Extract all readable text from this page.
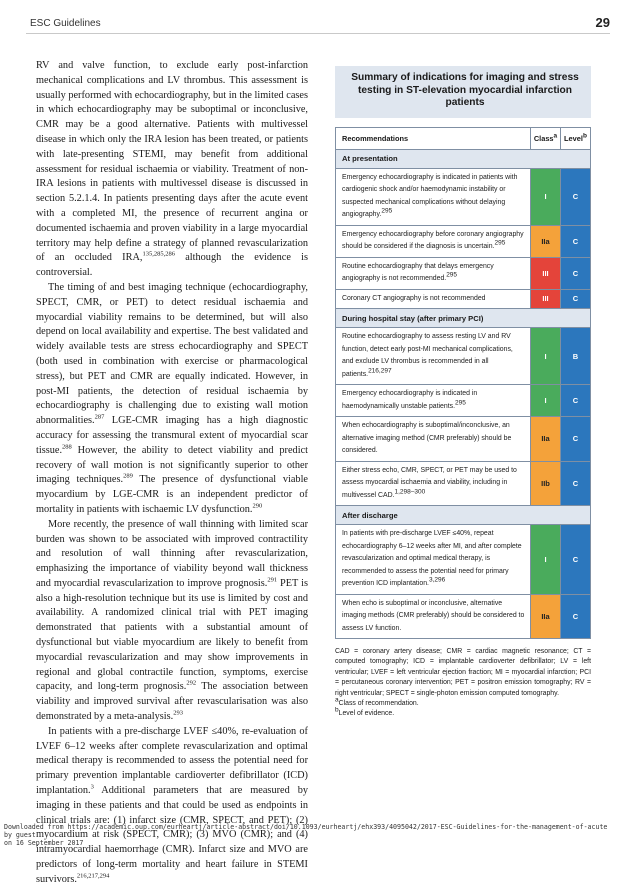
ESC Guidelines	29

RV and valve function, to exclude early post-infarction mechanical complications and LV thrombus. This assessment is usually performed with echocardiography, but in the limited cases in which echocardiography may be suboptimal or inconclusive, CMR may be a good alternative. Patients with multivessel disease in which only the IRA lesion has been treated, or patients with late-presenting STEMI, may benefit from additional assessment for residual ischaemia or viability. Treatment of non-IRA lesions in patients with multivessel disease is discussed in section 5.2.1.4. In patients presenting days after the acute event with a completed MI, the presence of recurrent angina or documented ischaemia and proven viability in a large myocardial territory may help define a strategy of planned revascularization of an occluded IRA,$^{135,285,286}$ although the evidence is controversial.

The timing of and best imaging technique (echocardiography, SPECT, CMR, or PET) to detect residual ischaemia and myocardial viability remains to be determined, but will also depend on local availability and expertise. The best validated and widely available tests are stress echocardiography and SPECT (both used in combination with exercise or pharmacological stress), but PET and CMR are equally indicated. However, in post-MI patients, the detection of residual ischaemia by echocardiography is challenging due to existing wall motion abnormalities.$^{287}$ LGE-CMR imaging has a high diagnostic accuracy for assessing the transmural extent of myocardial scar tissue.$^{288}$ However, the ability to detect viability and predict recovery of wall motion is not significantly superior to other imaging techniques.$^{289}$ The presence of dysfunctional viable myocardium by LGE-CMR is an independent predictor of mortality in patients with ischaemic LV dysfunction.$^{290}$

More recently, the presence of wall thinning with limited scar burden was shown to be associated with improved contractility and resolution of wall thinning after revascularization, emphasizing the importance of viability beyond wall thickness and myocardial revascularization to improve prognosis.$^{291}$ PET is also a high-resolution technique but its use is limited by cost and availability. A randomized clinical trial with PET imaging demonstrated that patients with a substantial amount of dysfunctional but viable myocardium are likely to benefit from myocardial revascularization and may show improvements in regional and global contractile function, symptoms, exercise capacity, and long-term prognosis.$^{292}$ The association between viability and improved survival after revascularisation was also demonstrated by a meta-analysis.$^{293}$

In patients with a pre-discharge LVEF ≤40%, re-evaluation of LVEF 6–12 weeks after complete revascularization and optimal medical therapy is recommended to assess the potential need for primary prevention implantable cardioverter defibrillator (ICD) implantation.$^3$ Additional parameters that are measured by imaging in these patients and that could be used as endpoints in clinical trials are: (1) infarct size (CMR, SPECT, and PET); (2) myocardium at risk (SPECT, CMR); (3) MVO (CMR); and (4) intramyocardial haemorrhage (CMR). Infarct size and MVO are predictors of long-term mortality and heart failure in STEMI survivors.$^{216,217,294}$

Summary of indications for imaging and stress testing in ST-elevation myocardial infarction patients
Recommendations	Class$^a$	Level$^b$
At presentation		
Emergency echocardiography is indicated in patients with cardiogenic shock and/or haemodynamic instability or suspected mechanical complications without delaying angiography.$^{295}$	I	C
Emergency echocardiography before coronary angiography should be considered if the diagnosis is uncertain.$^{295}$	IIa	C
Routine echocardiography that delays emergency angiography is not recommended.$^{295}$	III	C
Coronary CT angiography is not recommended	III	C
During hospital stay (after primary PCI)		
Routine echocardiography to assess resting LV and RV function, detect early post-MI mechanical complications, and exclude LV thrombus is recommended in all patients.$^{216,297}$	I	B
Emergency echocardiography is indicated in haemodynamically unstable patients.$^{295}$	I	C
When echocardiography is suboptimal/inconclusive, an alternative imaging method (CMR preferably) should be considered.	IIa	C
Either stress echo, CMR, SPECT, or PET may be used to assess myocardial ischaemia and viability, including in multivessel CAD.$^{1,298-300}$	IIb	C
After discharge		
In patients with pre-discharge LVEF ≤40%, repeat echocardiography 6–12 weeks after MI, and after complete revascularization and optimal medical therapy, is recommended to assess the potential need for primary prevention ICD implantation.$^{3,296}$	I	C
When echo is suboptimal or inconclusive, alternative imaging methods (CMR preferably) should be considered to assess LV function.	IIa	C
CAD = coronary artery disease; CMR = cardiac magnetic resonance; CT = computed tomography; ICD = implantable cardioverter defibrillator; LV = left ventricular; LVEF = left ventricular ejection fraction; MI = myocardial infarction; PCI = percutaneous coronary intervention; PET = positron emission tomography; RV = right ventricular; SPECT = single-photon emission computed tomography.
$^a$Class of recommendation.
$^b$Level of evidence.
Downloaded from https://academic.oup.com/eurheartj/article-abstract/doi/10.1093/eurheartj/ehx393/4095042/2017-ESC-Guidelines-for-the-management-of-acute
by guest
on 16 September 2017
